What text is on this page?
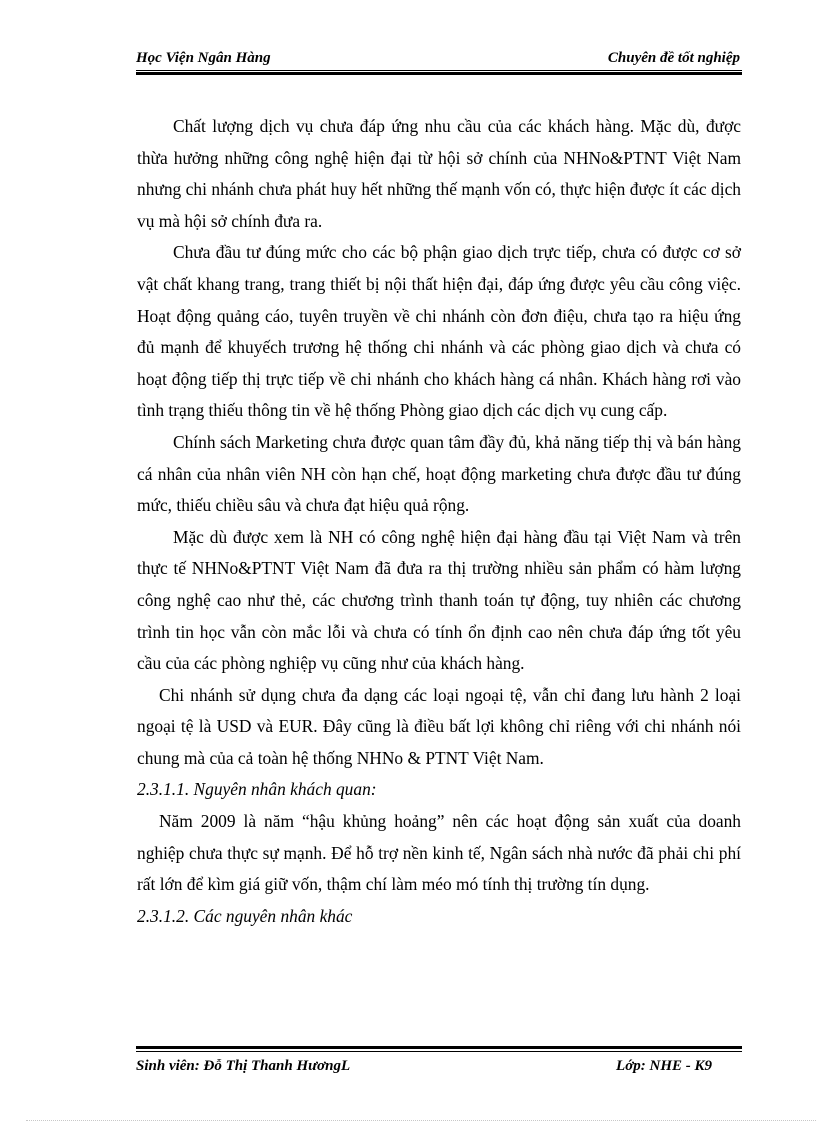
Học Viện Ngân Hàng	Chuyên đề tốt nghiệp

Chất lượng dịch vụ chưa đáp ứng nhu cầu của các khách hàng. Mặc dù, được thừa hưởng những công nghệ hiện đại từ hội sở chính của NHNo&PTNT Việt Nam nhưng chi nhánh chưa phát huy hết những thế mạnh vốn có, thực hiện được ít các dịch vụ mà hội sở chính đưa ra.

Chưa đầu tư đúng mức cho các bộ phận giao dịch trực tiếp, chưa có được cơ sở vật chất khang trang, trang thiết bị nội thất hiện đại, đáp ứng được yêu cầu công việc. Hoạt động quảng cáo, tuyên truyền về chi nhánh còn đơn điệu, chưa tạo ra hiệu ứng đủ mạnh để khuyếch trương hệ thống chi nhánh và các phòng giao dịch và chưa có hoạt động tiếp thị trực tiếp về chi nhánh cho khách hàng cá nhân. Khách hàng rơi vào tình trạng thiếu thông tin về hệ thống Phòng giao dịch các dịch vụ cung cấp.

Chính sách Marketing chưa được quan tâm đầy đủ, khả năng tiếp thị và bán hàng cá nhân của nhân viên NH còn hạn chế, hoạt động marketing chưa được đầu tư đúng mức, thiếu chiều sâu và chưa đạt hiệu quả rộng.

Mặc dù được xem là NH có công nghệ hiện đại hàng đầu tại Việt Nam và trên thực tế NHNo&PTNT Việt Nam đã đưa ra thị trường nhiều sản phẩm có hàm lượng công nghệ cao như thẻ, các chương trình thanh toán tự động, tuy nhiên các chương trình tin học vẫn còn mắc lỗi và chưa có tính ổn định cao nên chưa đáp ứng tốt yêu cầu của các phòng nghiệp vụ cũng như của khách hàng.

Chi nhánh sử dụng chưa đa dạng các loại ngoại tệ, vẫn chỉ đang lưu hành 2 loại ngoại tệ là USD và EUR. Đây cũng là điều bất lợi không chỉ riêng với chi nhánh nói chung mà của cả toàn hệ thống NHNo & PTNT Việt Nam.

2.3.1.1. Nguyên nhân khách quan:

Năm 2009 là năm “hậu khủng hoảng” nên các hoạt động sản xuất của doanh nghiệp chưa thực sự mạnh. Để hỗ trợ nền kinh tế, Ngân sách nhà nước đã phải chi phí rất lớn để kìm giá giữ vốn, thậm chí làm méo mó tính thị trường tín dụng.

2.3.1.2. Các nguyên nhân khác

Sinh viên: Đỗ Thị Thanh HươngL	Lớp: NHE - K9
